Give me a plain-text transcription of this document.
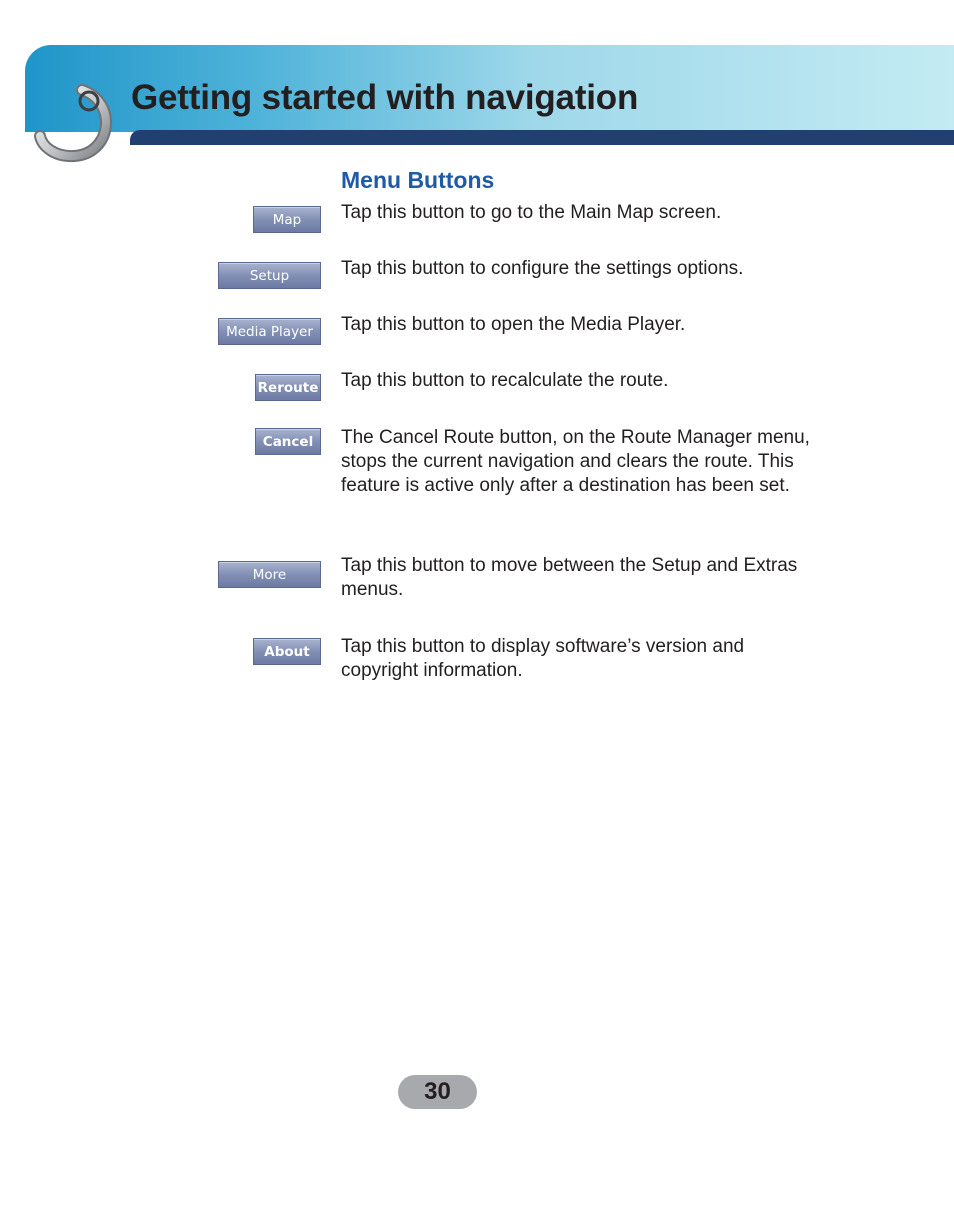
Getting started with navigation
Menu Buttons
Map	Tap this button to go to the Main Map screen.

Setup	Tap this button to configure the settings options.

Media Player	Tap this button to open the Media Player.

Reroute Tap this button to recalculate the route.

Cancel	The Cancel Route button, on the Route Manager menu, stops the current navigation and clears the route. This feature is active only after a destination has been set.

More	Tap this button to move between the Setup and Extras menus.

About	Tap this button to display software’s version and copyright information.

30
